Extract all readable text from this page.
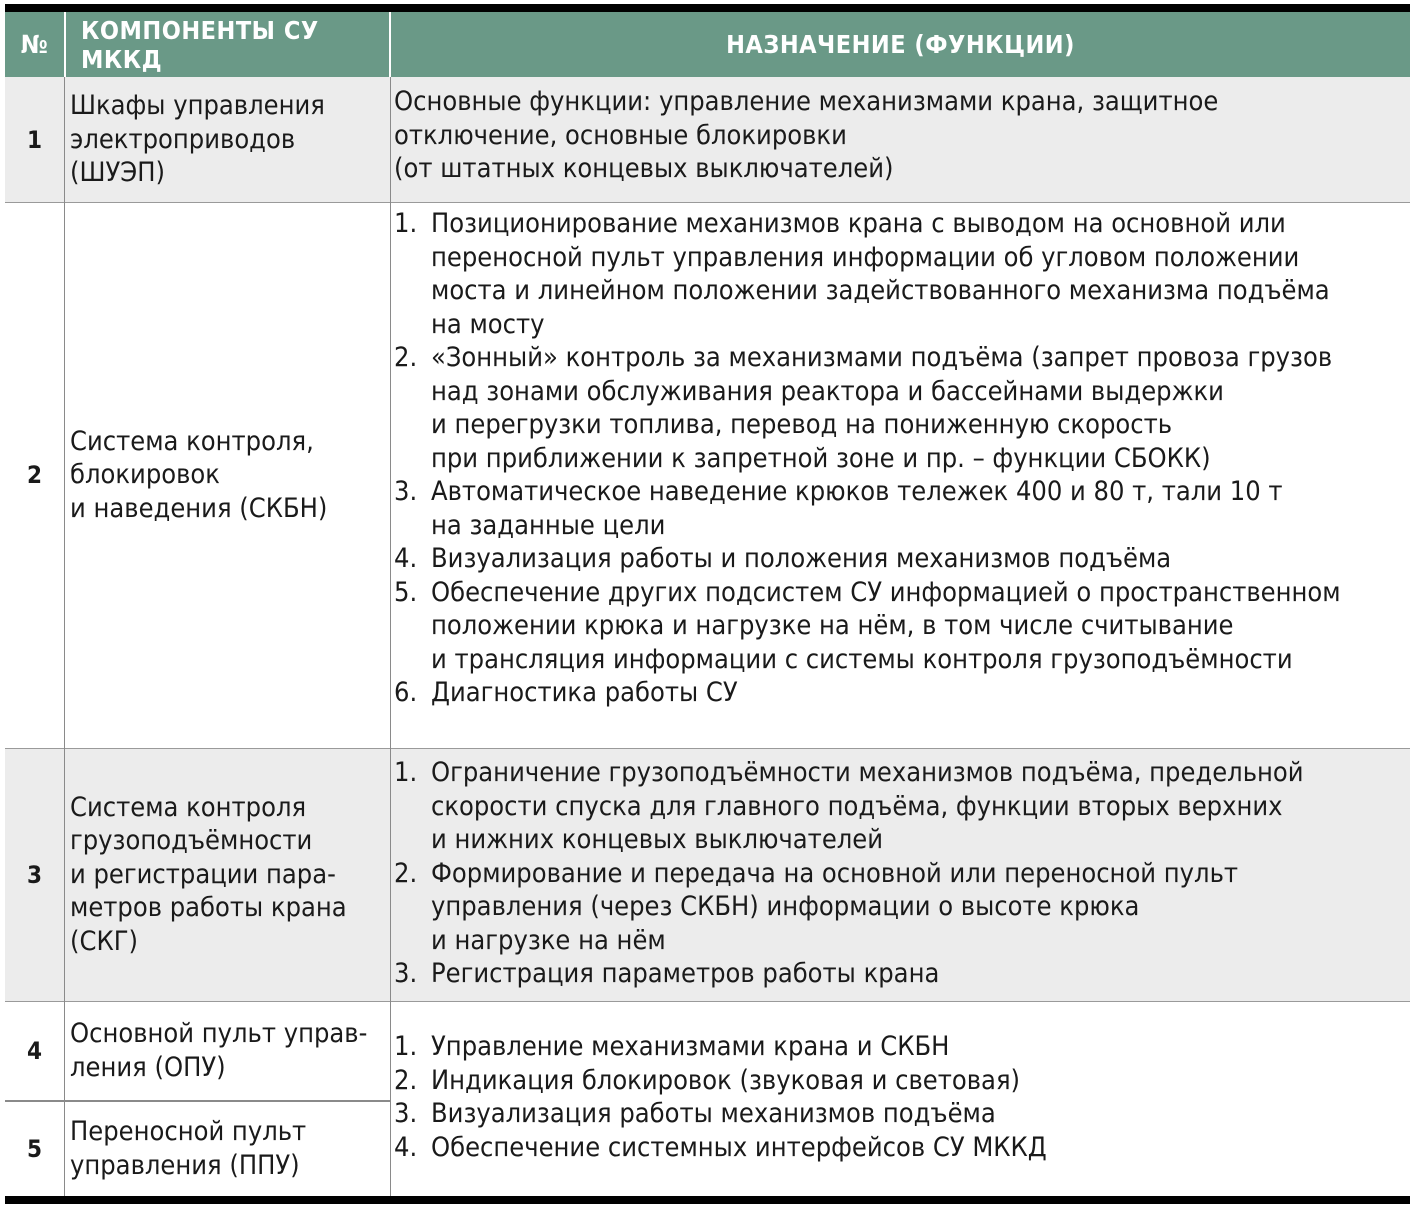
№ КОМПОНЕНТЫ СУ МККД	НАЗНАЧЕНИЕ (ФУНКЦИИ)
1
Шкафы управления
электроприводов
(ШУЭП)
Основные функции: управление механизмами крана, защитное
отключение, основные блокировки
(от штатных концевых выключателей)
2
Система контроля,
блокировок
и наведения (СКБН)
1. Позиционирование механизмов крана с выводом на основной или
переносной пульт управления информации об угловом положении
моста и линейном положении задействованного механизма подъёма
на мосту
2. «Зонный» контроль за механизмами подъёма (запрет провоза грузов
над зонами обслуживания реактора и бассейнами выдержки
и перегрузки топлива, перевод на пониженную скорость
при приближении к запретной зоне и пр. – функции СБОКК)
3. Автоматическое наведение крюков тележек 400 и 80 т, тали 10 т
на заданные цели
4. Визуализация работы и положения механизмов подъёма
5. Обеспечение других подсистем СУ информацией о пространственном
положении крюка и нагрузке на нём, в том числе считывание
и трансляция информации с системы контроля грузоподъёмности
6. Диагностика работы СУ
3
Система контроля
грузоподъёмности
и регистрации пара-
метров работы крана
(СКГ)
1. Ограничение грузоподъёмности механизмов подъёма, предельной
скорости спуска для главного подъёма, функции вторых верхних
и нижних концевых выключателей
2. Формирование и передача на основной или переносной пульт
управления (через СКБН) информации о высоте крюка
и нагрузке на нём
3. Регистрация параметров работы крана
4
Основной пульт управ-
ления (ОПУ)
5
Переносной пульт
управления (ППУ)
1. Управление механизмами крана и СКБН
2. Индикация блокировок (звуковая и световая)
3. Визуализация работы механизмов подъёма
4. Обеспечение системных интерфейсов СУ МККД
